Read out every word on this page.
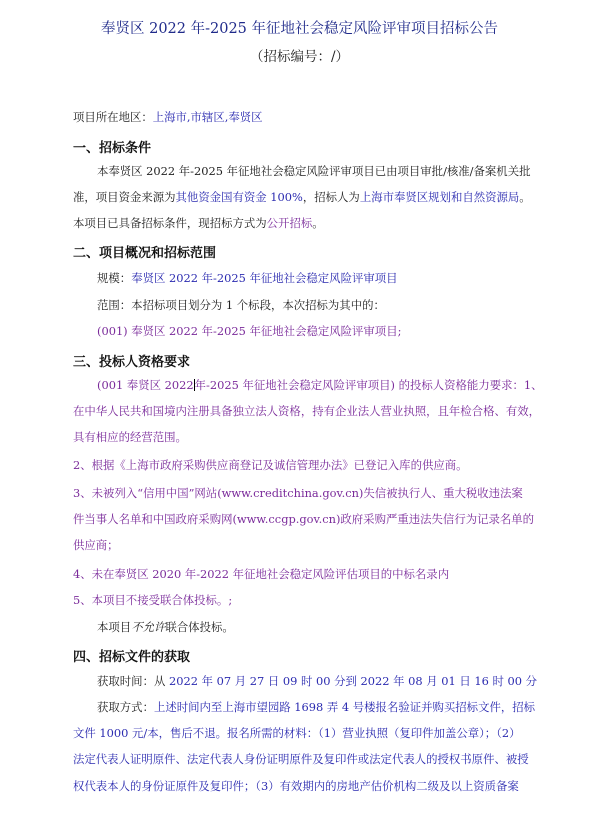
奉贤区 2022 年-2025 年征地社会稳定风险评审项目招标公告
（招标编号：/）
项目所在地区：上海市,市辖区,奉贤区
一、招标条件
本奉贤区 2022 年-2025 年征地社会稳定风险评审项目已由项目审批/核准/备案机关批
准，项目资金来源为其他资金国有资金 100%，招标人为上海市奉贤区规划和自然资源局。
本项目已具备招标条件，现招标方式为公开招标。
二、项目概况和招标范围
规模：奉贤区 2022 年-2025 年征地社会稳定风险评审项目
范围：本招标项目划分为 1 个标段，本次招标为其中的：
(001) 奉贤区 2022 年-2025 年征地社会稳定风险评审项目;
三、投标人资格要求
(001 奉贤区 2022年-2025 年征地社会稳定风险评审项目) 的投标人资格能力要求：1、
在中华人民共和国境内注册具备独立法人资格，持有企业法人营业执照，且年检合格、有效，
具有相应的经营范围。
2、根据《上海市政府采购供应商登记及诚信管理办法》已登记入库的供应商。
3、未被列入“信用中国”网站(www.creditchina.gov.cn)失信被执行人、重大税收违法案
件当事人名单和中国政府采购网(www.ccgp.gov.cn)政府采购严重违法失信行为记录名单的
供应商；
4、未在奉贤区 2020 年-2022 年征地社会稳定风险评估项目的中标名录内
5、本项目不接受联合体投标。;
本项目不允许联合体投标。
四、招标文件的获取
获取时间：从 2022 年 07 月 27 日 09 时 00 分到 2022 年 08 月 01 日 16 时 00 分
获取方式：上述时间内至上海市望园路 1698 弄 4 号楼报名验证并购买招标文件，招标
文件 1000 元/本，售后不退。报名所需的材料：（1）营业执照（复印件加盖公章）；（2）
法定代表人证明原件、法定代表人身份证明原件及复印件或法定代表人的授权书原件、被授
权代表本人的身份证原件及复印件；（3）有效期内的房地产估价机构二级及以上资质备案
